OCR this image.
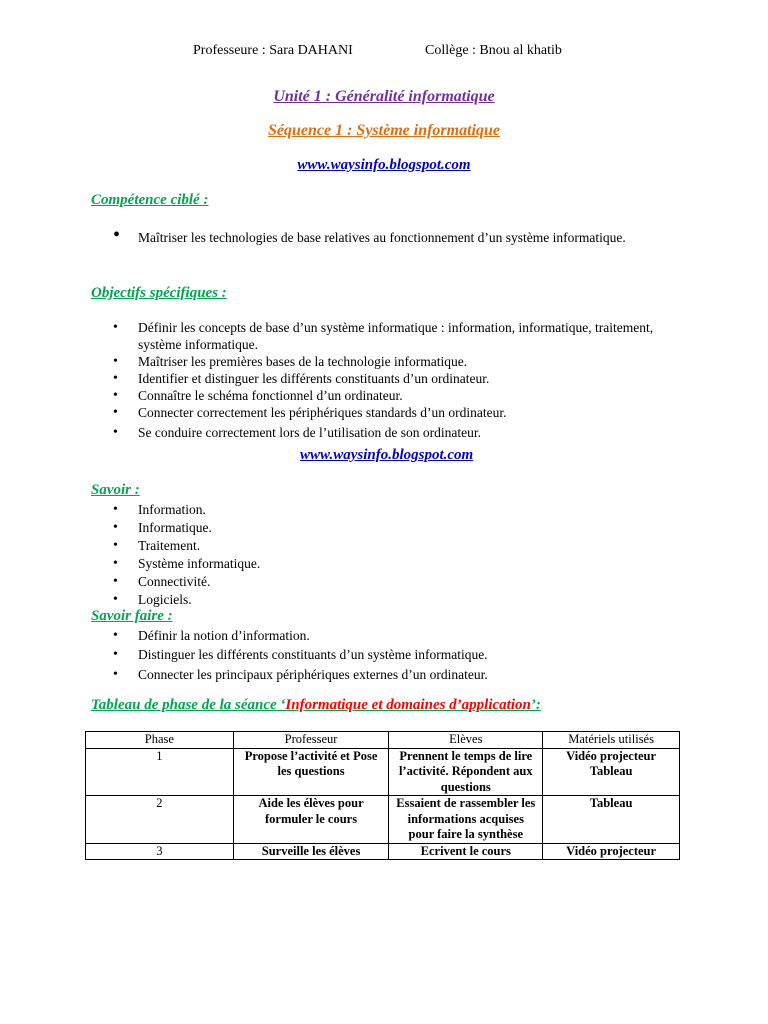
Professeure : Sara DAHANI	Collège : Bnou al khatib
Unité 1 : Généralité informatique
Séquence 1 : Système informatique
www.waysinfo.blogspot.com
Compétence ciblé :
• Maîtriser les technologies de base relatives au fonctionnement d’un système informatique.
Objectifs spécifiques :
• Définir les concepts de base d’un système informatique : information, informatique, traitement, système informatique.
• Maîtriser les premières bases de la technologie informatique.
• Identifier et distinguer les différents constituants d’un ordinateur.
• Connaître le schéma fonctionnel d’un ordinateur.
• Connecter correctement les périphériques standards d’un ordinateur.
• Se conduire correctement lors de l’utilisation de son ordinateur.
www.waysinfo.blogspot.com
Savoir :
• Information.
• Informatique.
• Traitement.
• Système informatique.
• Connectivité.
• Logiciels.
Savoir faire :
• Définir la notion d’information.
• Distinguer les différents constituants d’un système informatique.
• Connecter les principaux périphériques externes d’un ordinateur.
Tableau de phase de la séance ‘Informatique et domaines d’application’:
Phase	Professeur	Elèves	Matériels utilisés
1	Propose l’activité et Pose les questions	Prennent le temps de lire l’activité. Répondent aux questions	Vidéo projecteur Tableau
2	Aide les élèves pour formuler le cours	Essaient de rassembler les informations acquises pour faire la synthèse	Tableau
3	Surveille les élèves	Ecrivent le cours	Vidéo projecteur
